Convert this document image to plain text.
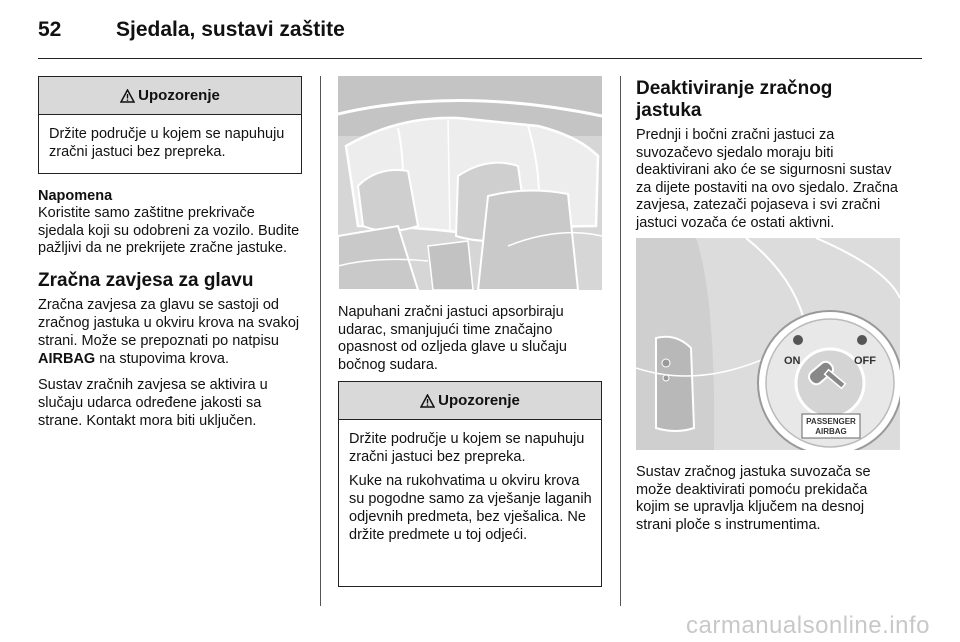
52	Sjedala, sustavi zaštite
Upozorenje

Držite područje u kojem se napuhuju zračni jastuci bez prepreka.

Napomena

Koristite samo zaštitne prekrivače sjedala koji su odobreni za vozilo. Budite pažljivi da ne prekrijete zračne jastuke.

Zračna zavjesa za glavu

Zračna zavjesa za glavu se sastoji od zračnog jastuka u okviru krova na svakoj strani. Može se prepoznati po natpisu AIRBAG na stupovima krova.

Sustav zračnih zavjesa se aktivira u slučaju udarca određene jakosti sa strane. Kontakt mora biti uključen.

Napuhani zračni jastuci apsorbiraju udarac, smanjujući time značajno opasnost od ozljeda glave u slučaju bočnog sudara.

Upozorenje

Držite područje u kojem se napuhuju zračni jastuci bez prepreka.

Kuke na rukohvatima u okviru krova su pogodne samo za vješanje laganih odjevnih predmeta, bez vješalica. Ne držite predmete u toj odjeći.

Deaktiviranje zračnog jastuka

Prednji i bočni zračni jastuci za suvozačevo sjedalo moraju biti deaktivirani ako će se sigurnosni sustav za dijete postaviti na ovo sjedalo. Zračna zavjesa, zatezači pojaseva i svi zračni jastuci vozača će ostati aktivni.

ON	OFF
PASSENGER
AIRBAG

Sustav zračnog jastuka suvozača se može deaktivirati pomoću prekidača kojim se upravlja ključem na desnoj strani ploče s instrumentima.

carmanualsonline.info
